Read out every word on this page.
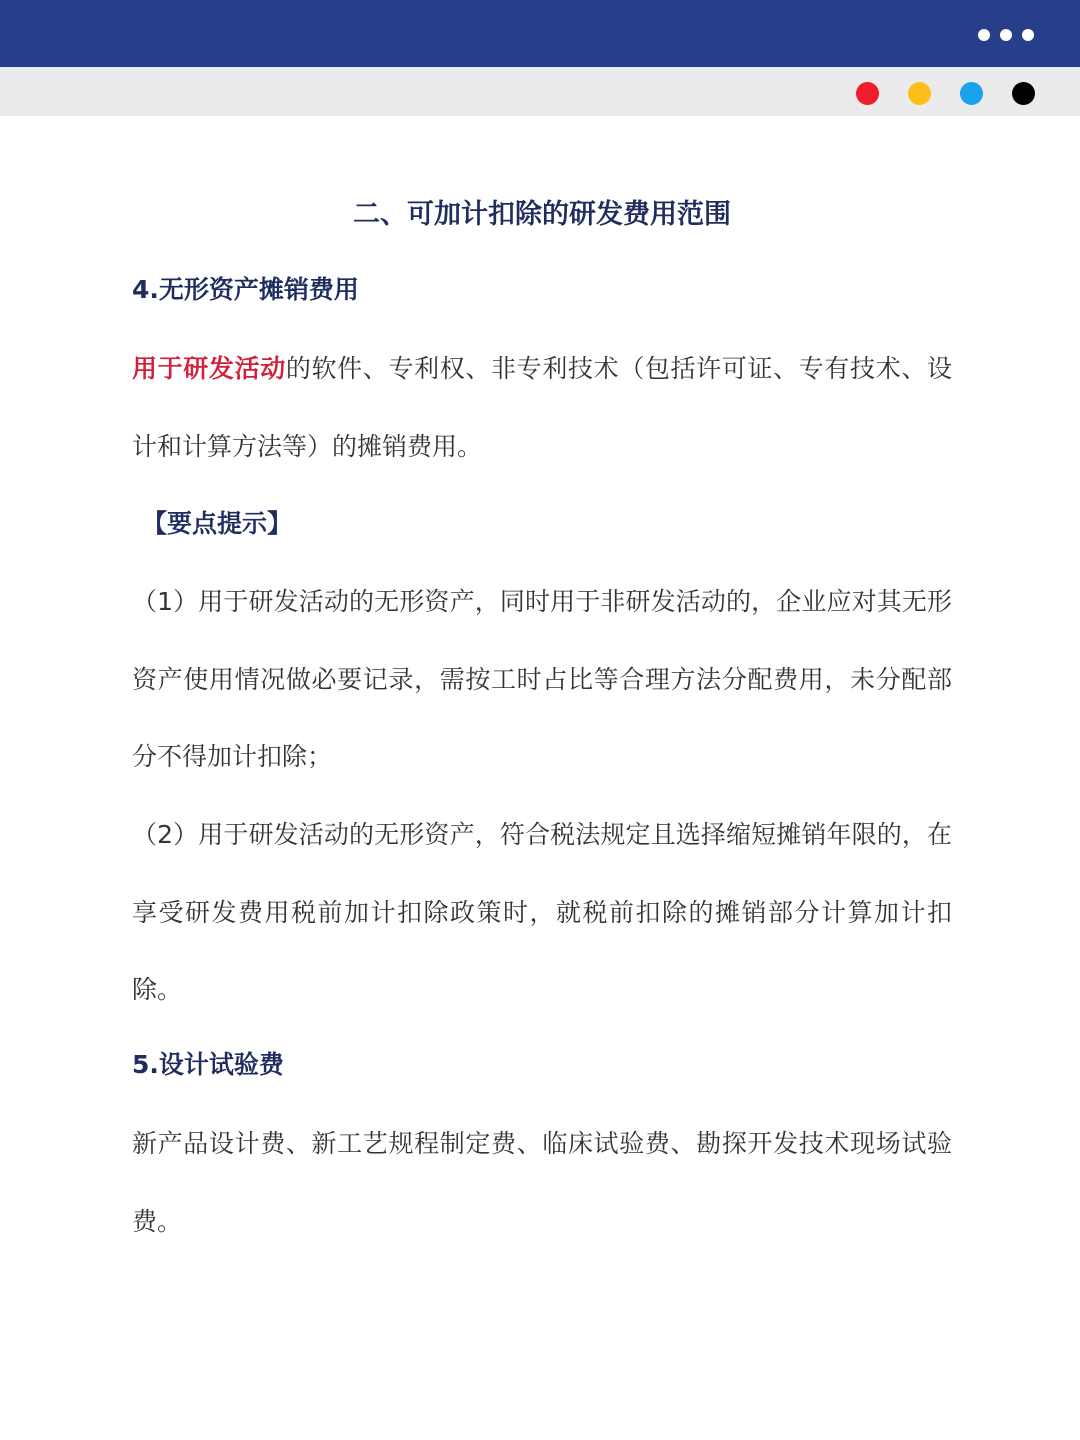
二、可加计扣除的研发费用范围
4.无形资产摊销费用

用于研发活动的软件、专利权、非专利技术（包括许可证、专有技术、设计和计算方法等）的摊销费用。

【要点提示】

（1）用于研发活动的无形资产，同时用于非研发活动的，企业应对其无形资产使用情况做必要记录，需按工时占比等合理方法分配费用，未分配部分不得加计扣除；

（2）用于研发活动的无形资产，符合税法规定且选择缩短摊销年限的，在享受研发费用税前加计扣除政策时，就税前扣除的摊销部分计算加计扣除。

5.设计试验费

新产品设计费、新工艺规程制定费、临床试验费、勘探开发技术现场试验费。
